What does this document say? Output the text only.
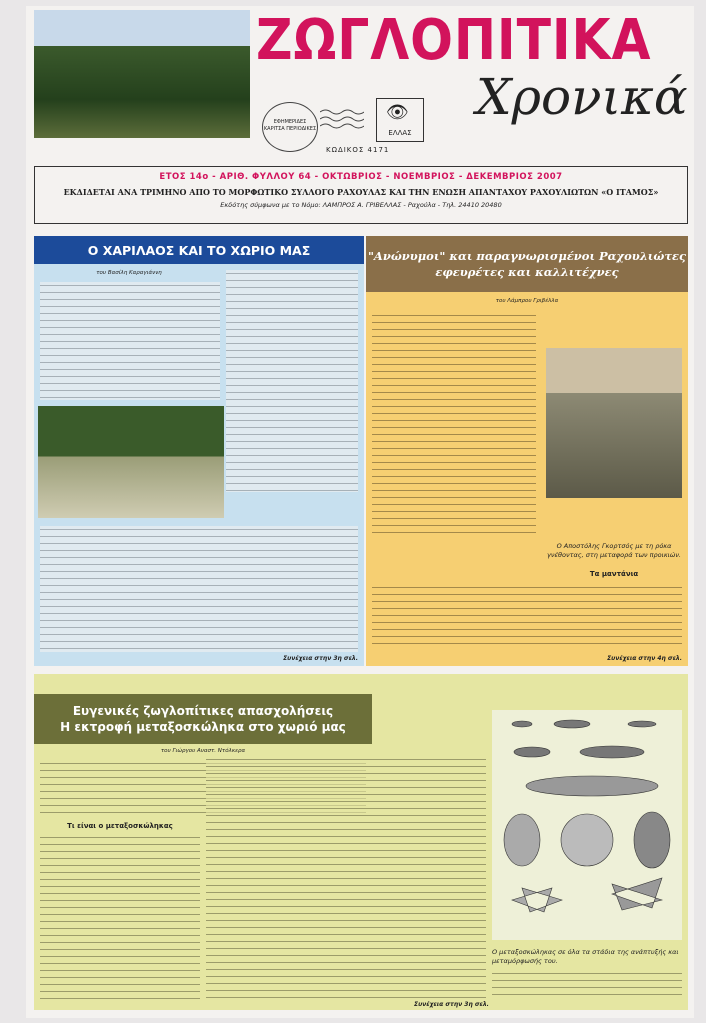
ΖΩΓΛΟΠΙΤΙΚΑ
Χρονικά
ΕΦΗΜΕΡΙΔΕΣ ΚΑΡΙΤΣΑ ΠΕΡΙΟΔΙΚΕΣ	ΕΛΛΑΣ
👁
ΚΩΔΙΚΟΣ 4171
ΕΤΟΣ 14ο - ΑΡΙΘ. ΦΥΛΛΟΥ 64 - ΟΚΤΩΒΡΙΟΣ - ΝΟΕΜΒΡΙΟΣ - ΔΕΚΕΜΒΡΙΟΣ 2007
ΕΚΔΙΔΕΤΑΙ ΑΝΑ ΤΡΙΜΗΝΟ ΑΠΟ ΤΟ ΜΟΡΦΩΤΙΚΟ ΣΥΛΛΟΓΟ ΡΑΧΟΥΛΑΣ ΚΑΙ ΤΗΝ ΕΝΩΣΗ ΑΠΑΝΤΑΧΟΥ ΡΑΧΟΥΛΙΩΤΩΝ «Ο ΙΤΑΜΟΣ»
Εκδότης σύμφωνα με το Νόμο: ΛΑΜΠΡΟΣ Α. ΓΡΙΒΕΛΛΑΣ - Ραχούλα - Τηλ. 24410 20480
Ο ΧΑΡΙΛΑΟΣ ΚΑΙ ΤΟ ΧΩΡΙΟ ΜΑΣ
του Βασίλη Καραγιάννη
Συνέχεια στην 3η σελ.
"Ανώνυμοι" και παραγνωρισμένοι Ραχουλιώτες
εφευρέτες και καλλιτέχνες
του Λάμπρου Γριβέλλα
Ο Αποστόλης Γκορτσός με τη ρόκα γνέθοντας, στη μεταφορά των προικιών.
Τα μαντάνια
Συνέχεια στην 4η σελ.
Ευγενικές ζωγλοπίτικες απασχολήσεις
Η εκτροφή μεταξοσκώληκα στο χωριό μας
του Γιώργου Αναστ. Ντόλκερα
Τι είναι ο μεταξοσκώληκας
Ο μεταξοσκώληκας σε όλα τα στάδια της ανάπτυξής και μεταμόρφωσής του.
Συνέχεια στην 3η σελ.
